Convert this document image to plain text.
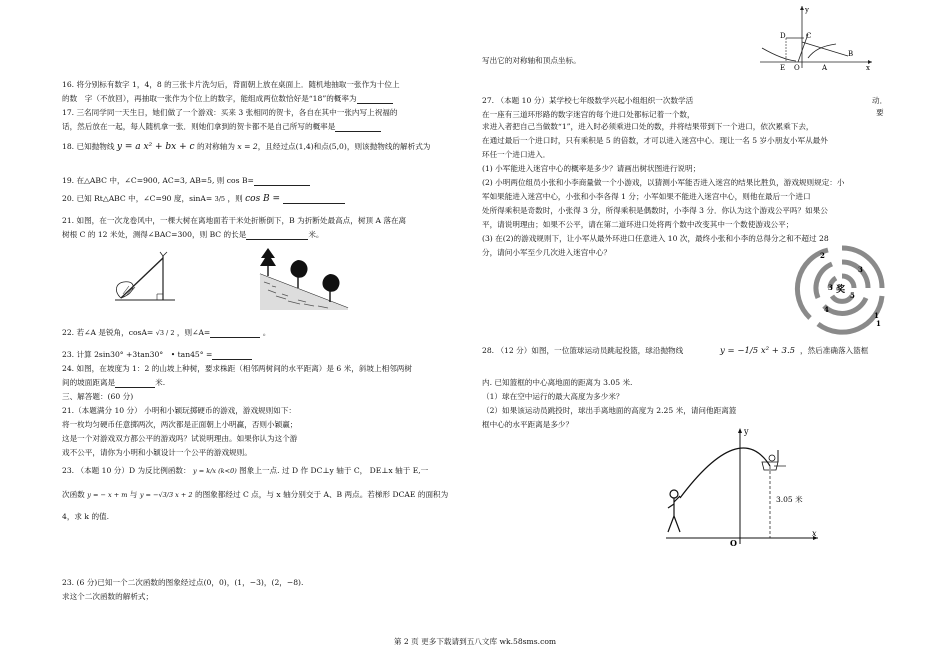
16. 将分别标有数字 1，4，8 的三张卡片洗匀后，背面朝上放在桌面上．随机地抽取一张作为十位上
的数　字（不放回），再抽取一张作为个位上的数字，能组成两位数恰好是“18”的概率为
17. 三名同学同一天生日，她们做了一个游戏：买来 3 张相同的贺卡，各自在其中一张内写上祝福的
话，然后放在一起，每人随机拿一张．则她们拿到的贺卡都不是自己所写的概率是
18. 已知抛物线 y = a x² + bx + c 的对称轴为 x = 2，且经过点(1,4)和点(5,0)，则该抛物线的解析式为
19. 在△ABC 中，∠C=900, AC=3, AB=5, 则 cos B=
20. 已知 Rt△ABC 中，∠C=90 度，sinA= 3/5 ，则 cos B =
21. 如图，在一次龙卷风中，一棵大树在离地面若干米处折断倒下，B 为折断处最高点，树顶 A 落在离
树根 C 的 12 米处，测得∠BAC=300，则 BC 的长是	米。
22. 若∠A 是锐角，cosA= √3 / 2 ，则∠A=	。
23. 计算 2sin30° +3tan30°　• tan45° =
24. 如图，在坡度为 1：2 的山坡上种树，要求株距（相邻两树间的水平距离）是 6 米，斜坡上相邻两树
间的坡面距离是	米.
三、解答题：(60 分)
21.（本题满分 10 分） 小明和小颖玩掷硬币的游戏，游戏规则如下：
将一枚均匀硬币任意掷两次，两次都是正面朝上小明赢，否则小颖赢；
这是一个对游戏双方都公平的游戏吗？试说明理由。如果你认为这个游
戏不公平，请你为小明和小颖设计一个公平的游戏规则。
23. （本题 10 分）D 为反比例函数： y = k/x (k<0) 图象上一点. 过 D 作 DC⊥y 轴于 C， DE⊥x 轴于 E,一
次函数 y = − x + m 与 y = −√3/3 x + 2 的图象都经过 C 点，与 x 轴分别交于 A、B 两点。若梯形 DCAE 的面积为
4，求 k 的值.
23. (6 分)已知一个二次函数的图象经过点(0，0)，(1，−3)，(2，−8).
求这个二次函数的解析式；
y
D	C
B
E O	A	x
写出它的对称轴和顶点坐标。
27. （本题 10 分）某学校七年级数学兴起小组组织一次数学活	动．
要
在一座有三道环形路的数字迷宫的每个进口处都标记着一个数，
求进入者把自己当做数“1”，进入时必须乘进口处的数，并将结果带到下一个进口，依次累乘下去，
在通过最后一个进口时，只有乘积是 5 的倍数，才可以进入迷宫中心．现让一名 5 岁小朋友小军从最外
环任一个进口进入．
(1) 小军能进入迷宫中心的概率是多少？请画出树状图进行说明；
(2) 小明两位组员小张和小李商量做一个小游戏，以猜测小军能否进入迷宫的结果比胜负，游戏规则规定：小
军如果能进入迷宫中心，小张和小李各得 1 分；小军如果不能进入迷宫中心，则他在最后一个进口
处所得乘积是奇数时，小张得 3 分，所得乘积是偶数时，小李得 3 分．你认为这个游戏公平吗？如果公
平，请说明理由；如果不公平，请在第二道环进口处将两个数中改变其中一个数使游戏公平；
(3) 在(2)的游戏规则下，让小军从最外环进口任意进入 10 次，最终小张和小李的总得分之和不超过 28
分，请问小军至少几次进入迷宫中心？
奖
2
3
3
5
4
1
1
28. （12 分）如图，一位篮球运动员跳起投篮，球沿抛物线	y = −1/5 x² + 3.5 ，然后准确落入篮框
内. 已知篮框的中心离地面的距离为 3.05 米.
（1）球在空中运行的最大高度为多少米？
（2）如果该运动员跳投时，球出手离地面的高度为 2.25 米，请问他距离篮
框中心的水平距离是多少？
3.05 米
y
x
O
第 2 页 更多下载请到五八文库 wk.58sms.com
